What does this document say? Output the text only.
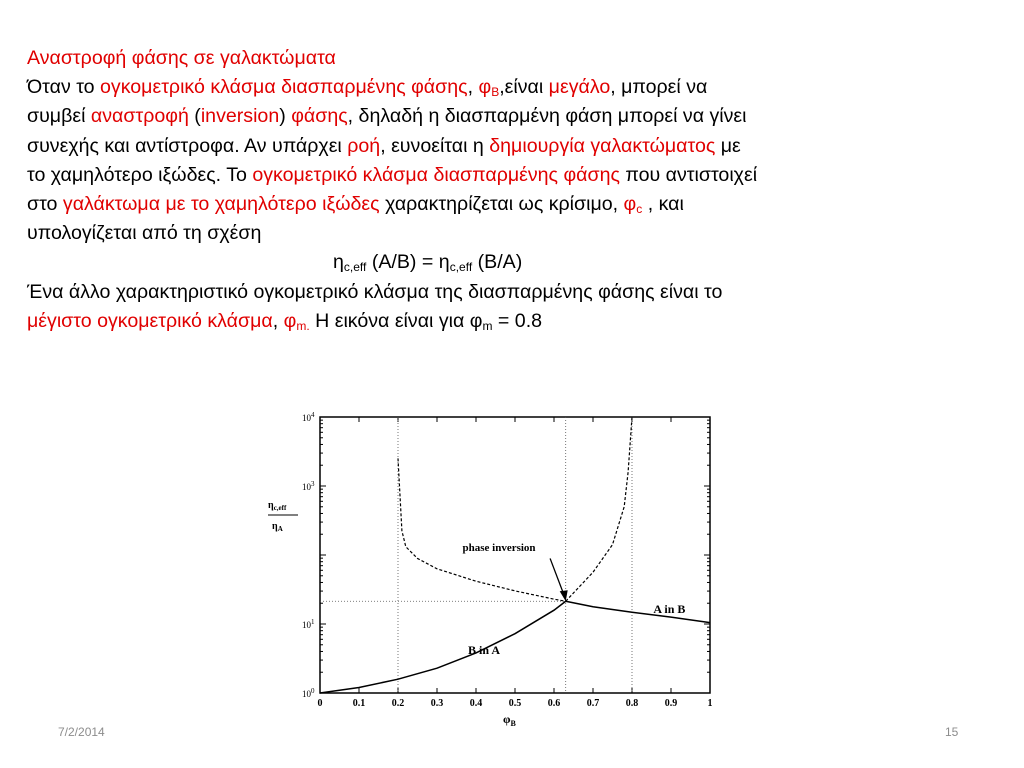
Αναστροφή φάσης σε γαλακτώματα
Όταν το ογκομετρικό κλάσμα διασπαρμένης φάσης, $\varphi_B,\varepsilon ί\nu\alpha\iota$ μεγάλο, μπορεί να
συμβεί αναστροφή (inversion) φάσης, δηλαδή η διασπαρμένη φάση μπορεί να γίνει
συνεχής και αντίστροφα. Αν υπάρχει ροή, ευνοείται η δημιουργία γαλακτώματος με
το χαμηλότερο ιξώδες. Το ογκομετρικό κλάσμα διασπαρμένης φάσης που αντιστοιχεί
στο γαλάκτωμα με το χαμηλότερο ιξώδες χαρακτηρίζεται ως κρίσιμο, $\varphi_c$ , και
υπολογίζεται από τη σχέση
$\eta_{c,eff}$ $(A/B) = \eta_{c,eff}$ (B/A)
Ένα άλλο χαρακτηριστικό ογκομετρικό κλάσμα της διασπαρμένης φάσης είναι το
μέγιστο ογκομετρικό κλάσμα, $\varphi_{m.}$ Η εικόνα είναι για $\varphi_m = 0.8$
0	0.1	0.2	0.3	0.4	0.5	0.6	0.7	0.8	0.9	1
$10^0$
$10^1$
$10^3$
$10^4$
phase inversion
A in B
B in A
$\eta_{c,eff}$
$\eta_A$
$\varphi_B$
7/2/2014	15
